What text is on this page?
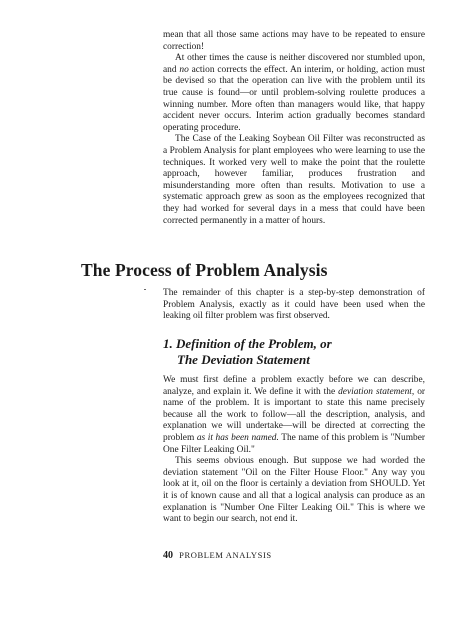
mean that all those same actions may have to be repeated to ensure correction!

At other times the cause is neither discovered nor stumbled upon, and no action corrects the effect. An interim, or holding, action must be devised so that the operation can live with the problem until its true cause is found—or until problem-solving roulette produces a winning number. More often than managers would like, that happy accident never occurs. Interim action gradually becomes standard operating procedure.

The Case of the Leaking Soybean Oil Filter was reconstructed as a Problem Analysis for plant employees who were learning to use the techniques. It worked very well to make the point that the roulette approach, however familiar, produces frustration and misunderstanding more often than results. Motivation to use a systematic approach grew as soon as the employees recognized that they had worked for several days in a mess that could have been corrected permanently in a matter of hours.

The Process of Problem Analysis

The remainder of this chapter is a step-by-step demonstration of Problem Analysis, exactly as it could have been used when the leaking oil filter problem was first observed.

1. Definition of the Problem, or
The Deviation Statement

We must first define a problem exactly before we can describe, analyze, and explain it. We define it with the deviation statement, or name of the problem. It is important to state this name precisely because all the work to follow—all the description, analysis, and explanation we will undertake—will be directed at correcting the problem as it has been named. The name of this problem is "Number One Filter Leaking Oil."

This seems obvious enough. But suppose we had worded the deviation statement "Oil on the Filter House Floor." Any way you look at it, oil on the floor is certainly a deviation from SHOULD. Yet it is of known cause and all that a logical analysis can produce as an explanation is "Number One Filter Leaking Oil." This is where we want to begin our search, not end it.

40 PROBLEM ANALYSIS
